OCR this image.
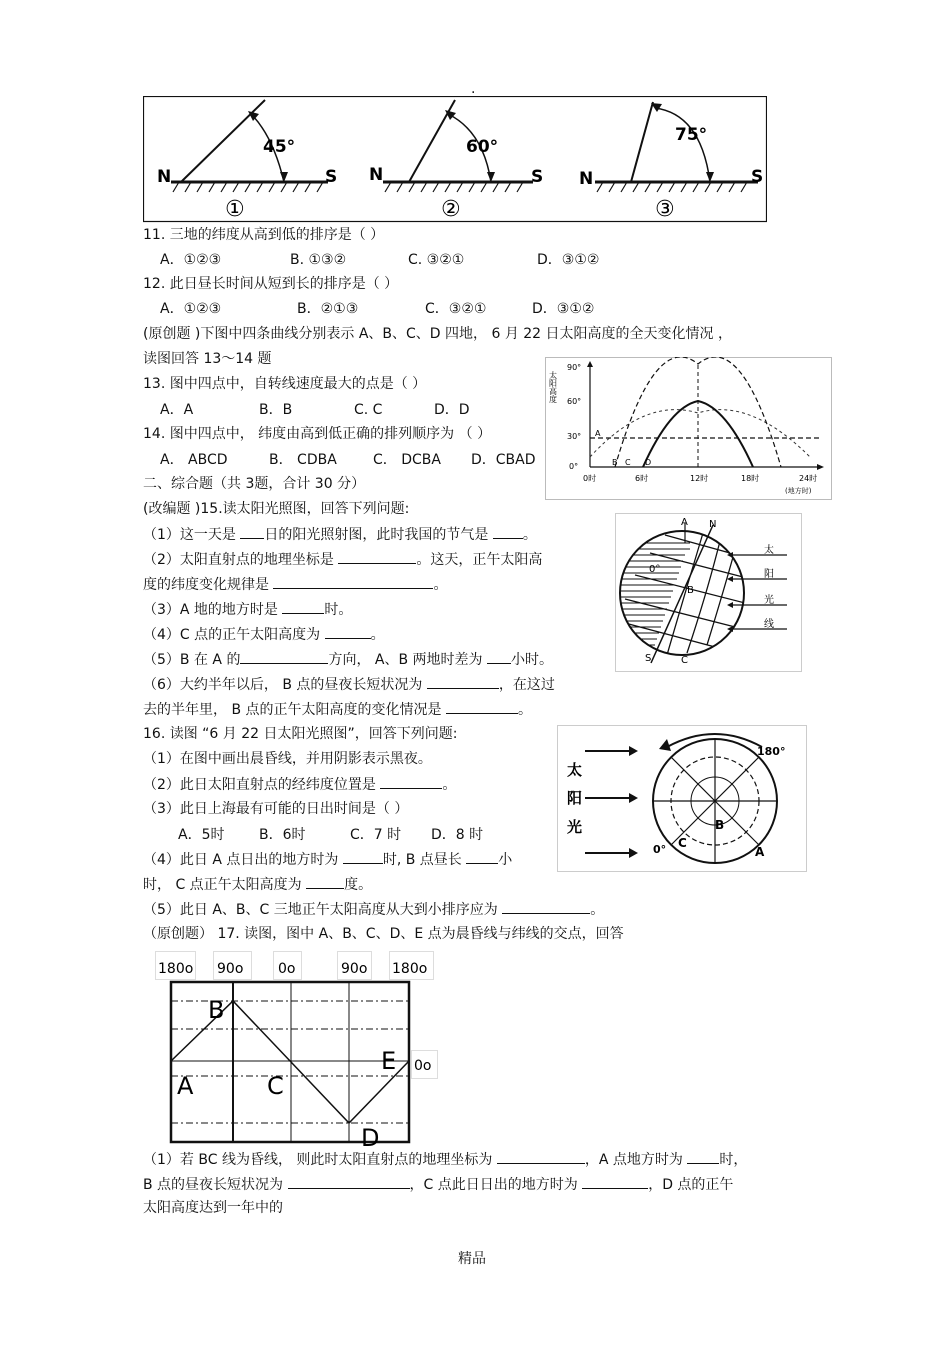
.
N	S
45°
①
N	S
60°
②
N	S
75°
③
11. 三地的纬度从高到低的排序是（ ）
A．①②③	B. ①③②	C. ③②①	D．③①②
12. 此日昼长时间从短到长的排序是（ ）
A．①②③	B．②①③	C．③②①	D．③①②
(原创题 )下图中四条曲线分别表示 A、B、C、D 四地， 6 月 22 日太阳高度的全天变化情况 ，
读图回答 13～14 题
13. 图中四点中，自转线速度最大的点是（ ）
A．A	B．B	C. C	D．D
14. 图中四点中， 纬度由高到低正确的排列顺序为 （ ）
A． ABCD	B． CDBA	C． DCBA D．CBAD
太阳高度
90°
60°
30°
0°
0时	6时	12时	18时	24时
(地方时)
A
B C D
二、综合题（共 3题，合计 30 分）
(改编题 )15.读太阳光照图，回答下列问题:
（1）这一天是 日的阳光照射图，此时我国的节气是 。
（2）太阳直射点的地理坐标是	。这天，正午太阳高
度的纬度变化规律是	。
（3）A 地的地方时是	时。
（4）C 点的正午太阳高度为	。
（5）B 在 A 的	方向， A、B 两地时差为 小时。
（6）大约半年以后， B 点的昼夜长短状况为	，在这过
去的半年里， B 点的正午太阳高度的变化情况是	。
N
S
A
B
C
0°
太
阳
光
线
16. 读图 “6 月 22 日太阳光照图”，回答下列问题:
（1）在图中画出晨昏线，并用阴影表示黑夜。
（2）此日太阳直射点的经纬度位置是	。
（3）此日上海最有可能的日出时间是（ ）
A．5时 B．6时	C．7 时 D．8 时
（4）此日 A 点日出的地方时为	时, B 点昼长	小
时， C 点正午太阳高度为	度。
（5）此日 A、B、C 三地正午太阳高度从大到小排序应为	。
太
阳
光
180°
0° C
B
A
（原创题） 17. 读图，图中 A、B、C、D、E 点为晨昏线与纬线的交点，回答
180o 90o 0o	90o 180o
0o
A
B
C
D
E
（1）若 BC 线为昏线， 则此时太阳直射点的地理坐标为	，A 点地方时为	时，
B 点的昼夜长短状况为	，C 点此日日出的地方时为	，D 点的正午
太阳高度达到一年中的
精品
